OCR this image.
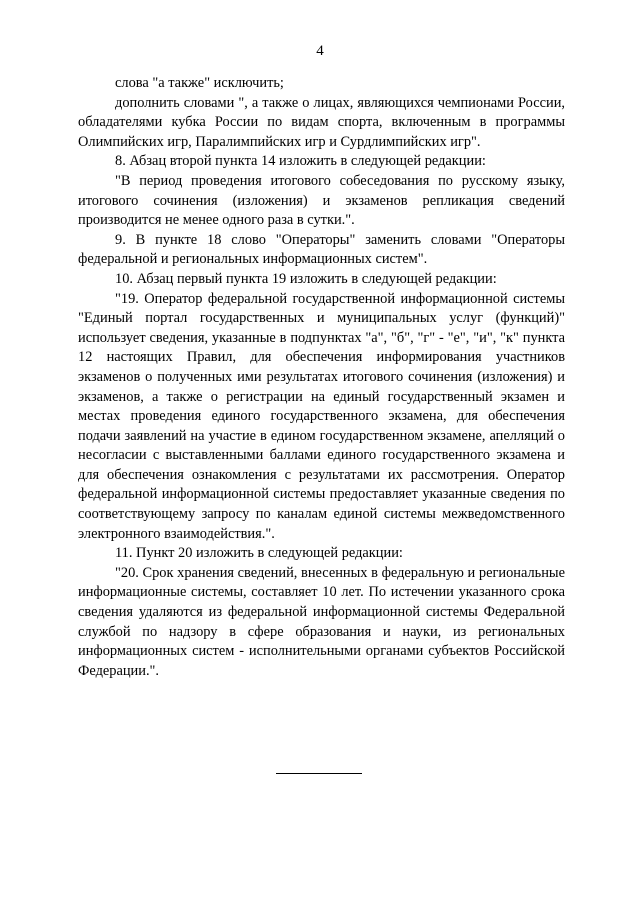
4

слова "а также" исключить;

дополнить словами ", а также о лицах, являющихся чемпионами России, обладателями кубка России по видам спорта, включенным в программы Олимпийских игр, Паралимпийских игр и Сурдлимпийских игр".

8. Абзац второй пункта 14 изложить в следующей редакции:

"В период проведения итогового собеседования по русскому языку, итогового сочинения (изложения) и экзаменов репликация сведений производится не менее одного раза в сутки.".

9. В пункте 18 слово "Операторы" заменить словами "Операторы федеральной и региональных информационных систем".

10. Абзац первый пункта 19 изложить в следующей редакции:

"19. Оператор федеральной государственной информационной системы "Единый портал государственных и муниципальных услуг (функций)" использует сведения, указанные в подпунктах "а", "б", "г" - "е", "и", "к" пункта 12 настоящих Правил, для обеспечения информирования участников экзаменов о полученных ими результатах итогового сочинения (изложения) и экзаменов, а также о регистрации на единый государственный экзамен и местах проведения единого государственного экзамена, для обеспечения подачи заявлений на участие в едином государственном экзамене, апелляций о несогласии с выставленными баллами единого государственного экзамена и для обеспечения ознакомления с результатами их рассмотрения. Оператор федеральной информационной системы предоставляет указанные сведения по соответствующему запросу по каналам единой системы межведомственного электронного взаимодействия.".

11. Пункт 20 изложить в следующей редакции:

"20. Срок хранения сведений, внесенных в федеральную и региональные информационные системы, составляет 10 лет. По истечении указанного срока сведения удаляются из федеральной информационной системы Федеральной службой по надзору в сфере образования и науки, из региональных информационных систем - исполнительными органами субъектов Российской Федерации.".
